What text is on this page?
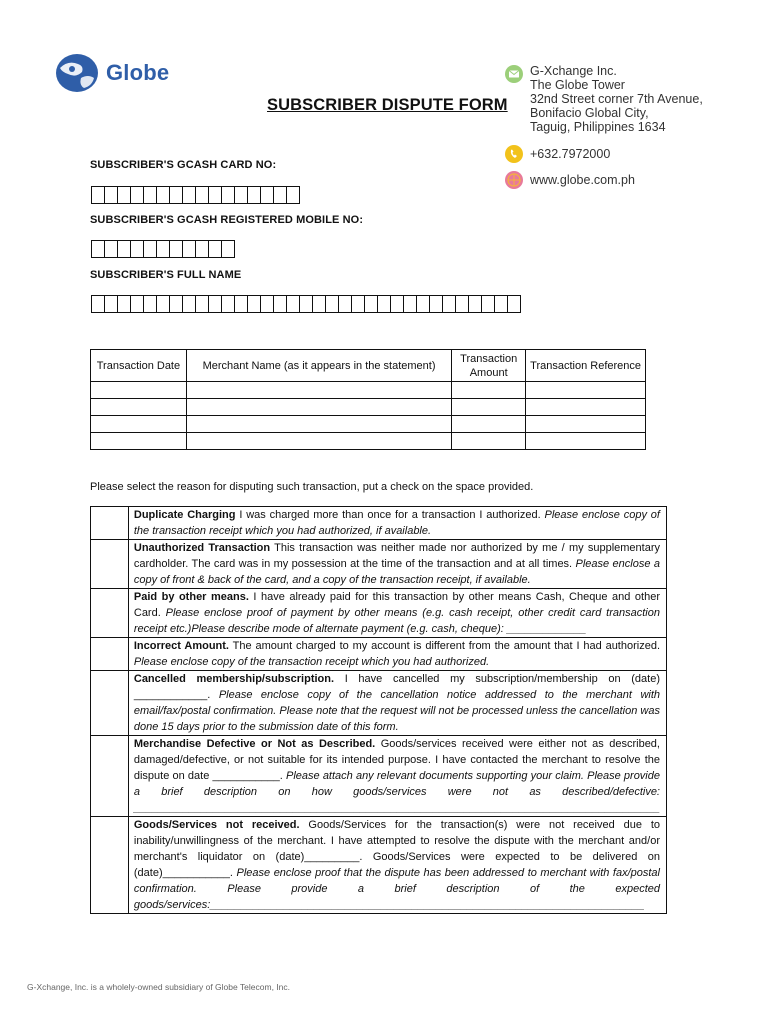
Globe
SUBSCRIBER DISPUTE FORM
G-Xchange Inc.
The Globe Tower
32nd Street corner 7th Avenue,
Bonifacio Global City,
Taguig, Philippines 1634
+632.7972000
www.globe.com.ph
SUBSCRIBER'S GCASH CARD NO:
SUBSCRIBER'S GCASH REGISTERED MOBILE NO:
SUBSCRIBER'S FULL NAME
Transaction Date	Merchant Name (as it appears in the statement)	Transaction Amount	Transaction Reference

Please select the reason for disputing such transaction, put a check on the space provided.
	Duplicate Charging I was charged more than once for a transaction I authorized. Please enclose copy of the transaction receipt which you had authorized, if available.
	Unauthorized Transaction This transaction was neither made nor authorized by me / my supplementary cardholder. The card was in my possession at the time of the transaction and at all times. Please enclose a copy of front & back of the card, and a copy of the transaction receipt, if available.
	Paid by other means. I have already paid for this transaction by other means Cash, Cheque and other Card. Please enclose proof of payment by other means (e.g. cash receipt, other credit card transaction receipt etc.)Please describe mode of alternate payment (e.g. cash, cheque): _____________
	Incorrect Amount. The amount charged to my account is different from the amount that I had authorized. Please enclose copy of the transaction receipt which you had authorized.
	Cancelled membership/subscription. I have cancelled my subscription/membership on (date) ____________. Please enclose copy of the cancellation notice addressed to the merchant with email/fax/postal confirmation. Please note that the request will not be processed unless the cancellation was done 15 days prior to the submission date of this form.
	Merchandise Defective or Not as Described. Goods/services received were either not as described, damaged/defective, or not suitable for its intended purpose. I have contacted the merchant to resolve the dispute on date ___________. Please attach any relevant documents supporting your claim. Please provide a brief description on how goods/services were not as described/defective: ______________________________________________________________________________________
	Goods/Services not received. Goods/Services for the transaction(s) were not received due to inability/unwillingness of the merchant. I have attempted to resolve the dispute with the merchant and/or merchant's liquidator on (date)_________. Goods/Services were expected to be delivered on (date)___________. Please enclose proof that the dispute has been addressed to merchant with fax/postal confirmation. Please provide a brief description of the expected goods/services:_______________________________________________________________________
G-Xchange, Inc. is a wholely-owned subsidiary of Globe Telecom, Inc.
